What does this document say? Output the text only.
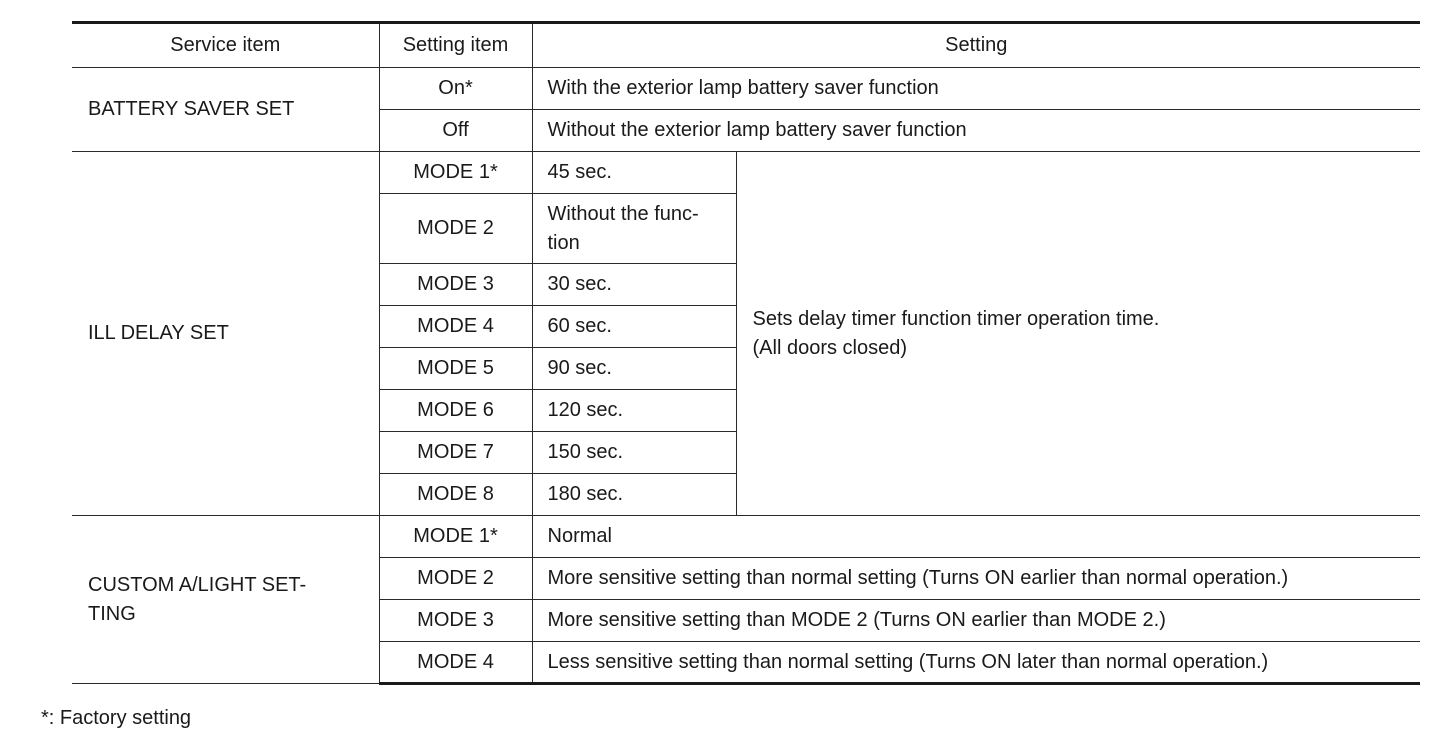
Service item	Setting item	Setting	
BATTERY SAVER SET	On*	With the exterior lamp battery saver function	
	Off	Without the exterior lamp battery saver function	
ILL DELAY SET	MODE 1*	45 sec.	Sets delay timer function timer operation time.
(All doors closed)
	MODE 2	Without the func-
tion	
	MODE 3	30 sec.	
	MODE 4	60 sec.	
	MODE 5	90 sec.	
	MODE 6	120 sec.	
	MODE 7	150 sec.	
	MODE 8	180 sec.	
CUSTOM A/LIGHT SET-
TING	MODE 1*	Normal	
	MODE 2	More sensitive setting than normal setting (Turns ON earlier than normal operation.)	
	MODE 3	More sensitive setting than MODE 2 (Turns ON earlier than MODE 2.)	
	MODE 4	Less sensitive setting than normal setting (Turns ON later than normal operation.)	

*: Factory setting
